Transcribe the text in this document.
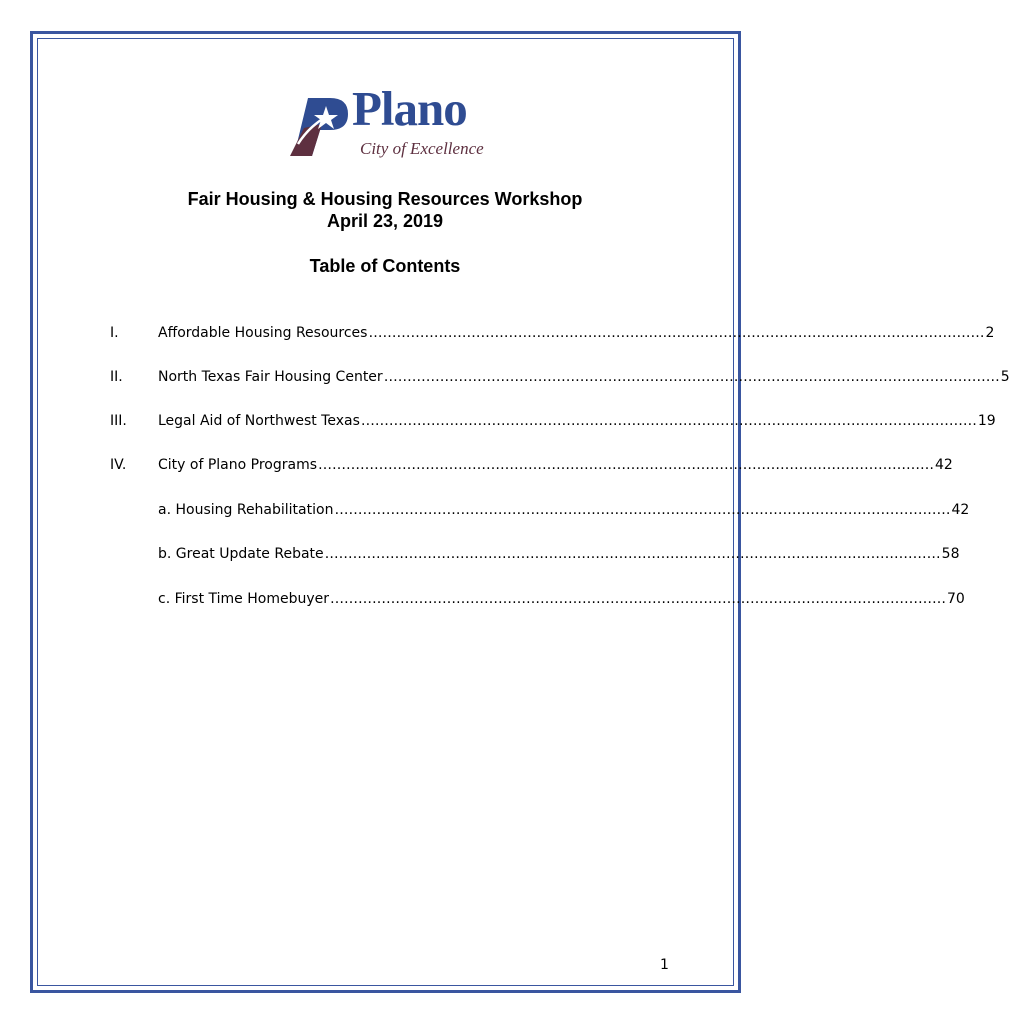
Plano
City of Excellence
Fair Housing & Housing Resources Workshop
April 23, 2019
Table of Contents
I.	Affordable Housing Resources …………………………………………………………………………………………………………………… 2
II.	North Texas Fair Housing Center …………………………………………………………………………………………………………………… 5
III. Legal Aid of Northwest Texas …………………………………………………………………………………………………………………… 19
IV. City of Plano Programs …………………………………………………………………………………………………………………… 42
a. Housing Rehabilitation …………………………………………………………………………………………………………………… 42
b. Great Update Rebate …………………………………………………………………………………………………………………… 58
c. First Time Homebuyer …………………………………………………………………………………………………………………… 70
1
